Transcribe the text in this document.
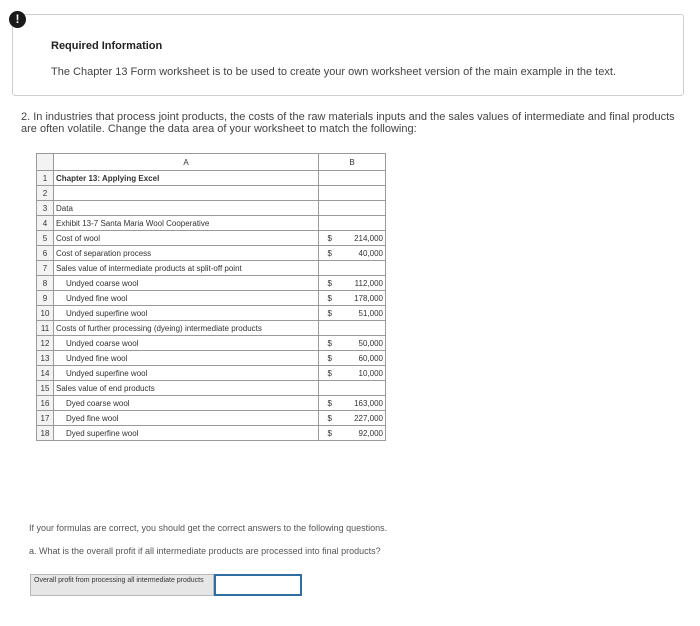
!
Required Information
The Chapter 13 Form worksheet is to be used to create your own worksheet version of the main example in the text.
2. In industries that process joint products, the costs of the raw materials inputs and the sales values of intermediate and final products are often volatile. Change the data area of your worksheet to match the following:
	A	B	
1	Chapter 13: Applying Excel		
2			
3	Data		
4	Exhibit 13-7 Santa Maria Wool Cooperative		
5	Cost of wool	$	214,000
6	Cost of separation process	$	40,000
7	Sales value of intermediate products at split-off point		
8	Undyed coarse wool	$	112,000
9	Undyed fine wool	$	178,000
10	Undyed superfine wool	$	51,000
11	Costs of further processing (dyeing) intermediate products		
12	Undyed coarse wool	$	50,000
13	Undyed fine wool	$	60,000
14	Undyed superfine wool	$	10,000
15	Sales value of end products		
16	Dyed coarse wool	$	163,000
17	Dyed fine wool	$	227,000
18	Dyed superfine wool	$	92,000
If your formulas are correct, you should get the correct answers to the following questions.
a. What is the overall profit if all intermediate products are processed into final products?
Overall profit from processing all intermediate products
